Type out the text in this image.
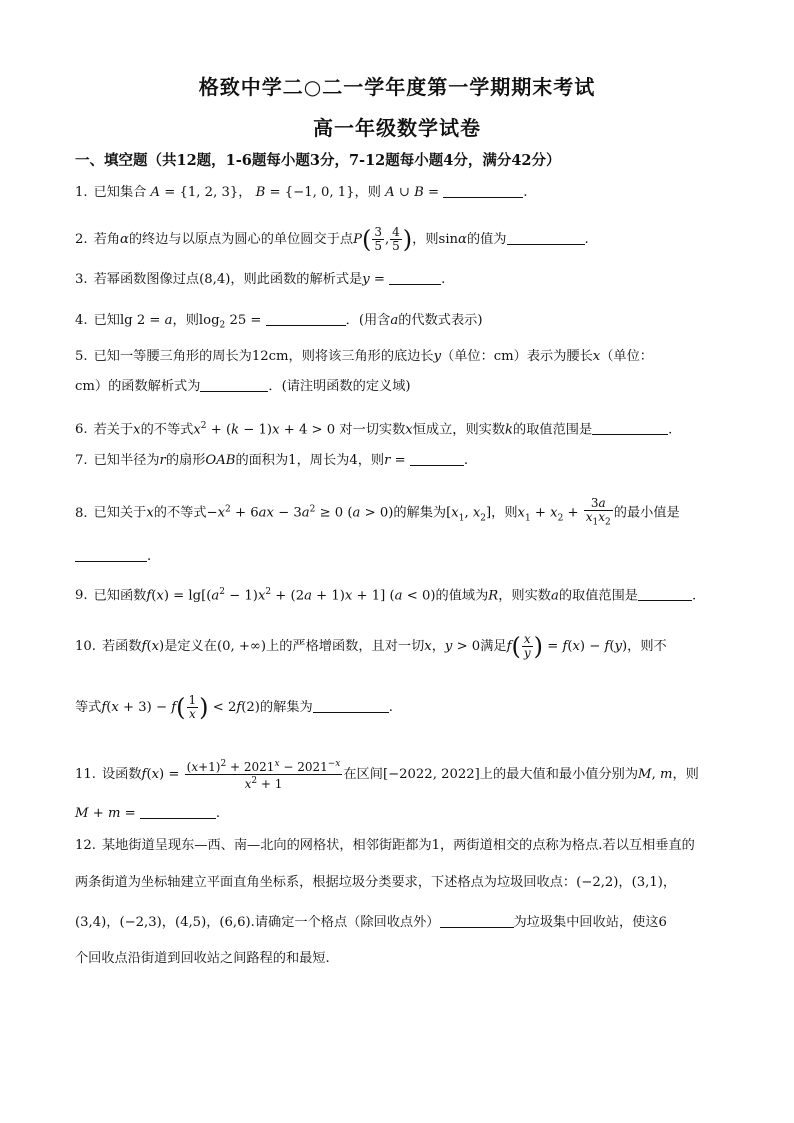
格致中学二○二一学年度第一学期期末考试
高一年级数学试卷
一、填空题（共12题，1-6题每小题3分，7-12题每小题4分，满分42分）
1. 已知集合 A = {1, 2, 3}， B = {−1, 0, 1}，则 A ∪ B =	.
2. 若角α的终边与以原点为圆心的单位圆交于点$P( \frac{3}{5}$ , $\frac{4}{5}$ )，则sinα的值为	.
3. 若幂函数图像过点(8,4)，则此函数的解析式是y =	.
4. 已知lg 2 = a，则$\log_2 25$ =	．(用含a的代数式表示)
5. 已知一等腰三角形的周长为12cm，则将该三角形的底边长y（单位：cm）表示为腰长x（单位：
cm）的函数解析式为	．(请注明函数的定义域)
6. 若关于x的不等式$x^2 + (k - 1)x + 4 > 0$ 对一切实数x恒成立，则实数k的取值范围是	.
7. 已知半径为r的扇形OAB的面积为1，周长为4，则r =	.
8. 已知关于x的不等式$-x^2 + 6ax - 3a^2 \ge 0$ (a > 0)的解集为[$x_1$, $x_2$]，则$x_1 + x_2 + \frac{3a}{x_1x_2}$ 的最小值是
.
9. 已知函数$f(x) = \lg[(a^2 - 1)x^2 + (2a + 1)x + 1] (a < 0)$的值域为R，则实数a的取值范围是	.
10. 若函数f(x)是定义在(0, +∞)上的严格增函数，且对一切x，y > 0满足$f( \frac{x}{y}$ ) = f(x) − f(y)，则不
等式$f(x + 3) - f( \frac{1}{x}$ ) < 2f(2)的解集为	.
11. 设函数$f(x) = \frac{(x+1)^2 + 2021^x - 2021^{-x}}{x^2 + 1}$ 在区间[−2022, 2022]上的最大值和最小值分别为M, m，则
M + m =	.
12. 某地街道呈现东—西、南—北向的网格状，相邻街距都为1，两街道相交的点称为格点.若以互相垂直的
两条街道为坐标轴建立平面直角坐标系，根据垃圾分类要求，下述格点为垃圾回收点：(−2,2)，(3,1)，
(3,4)，(−2,3)，(4,5)，(6,6).请确定一个格点（除回收点外）	为垃圾集中回收站，使这6
个回收点沿街道到回收站之间路程的和最短.
